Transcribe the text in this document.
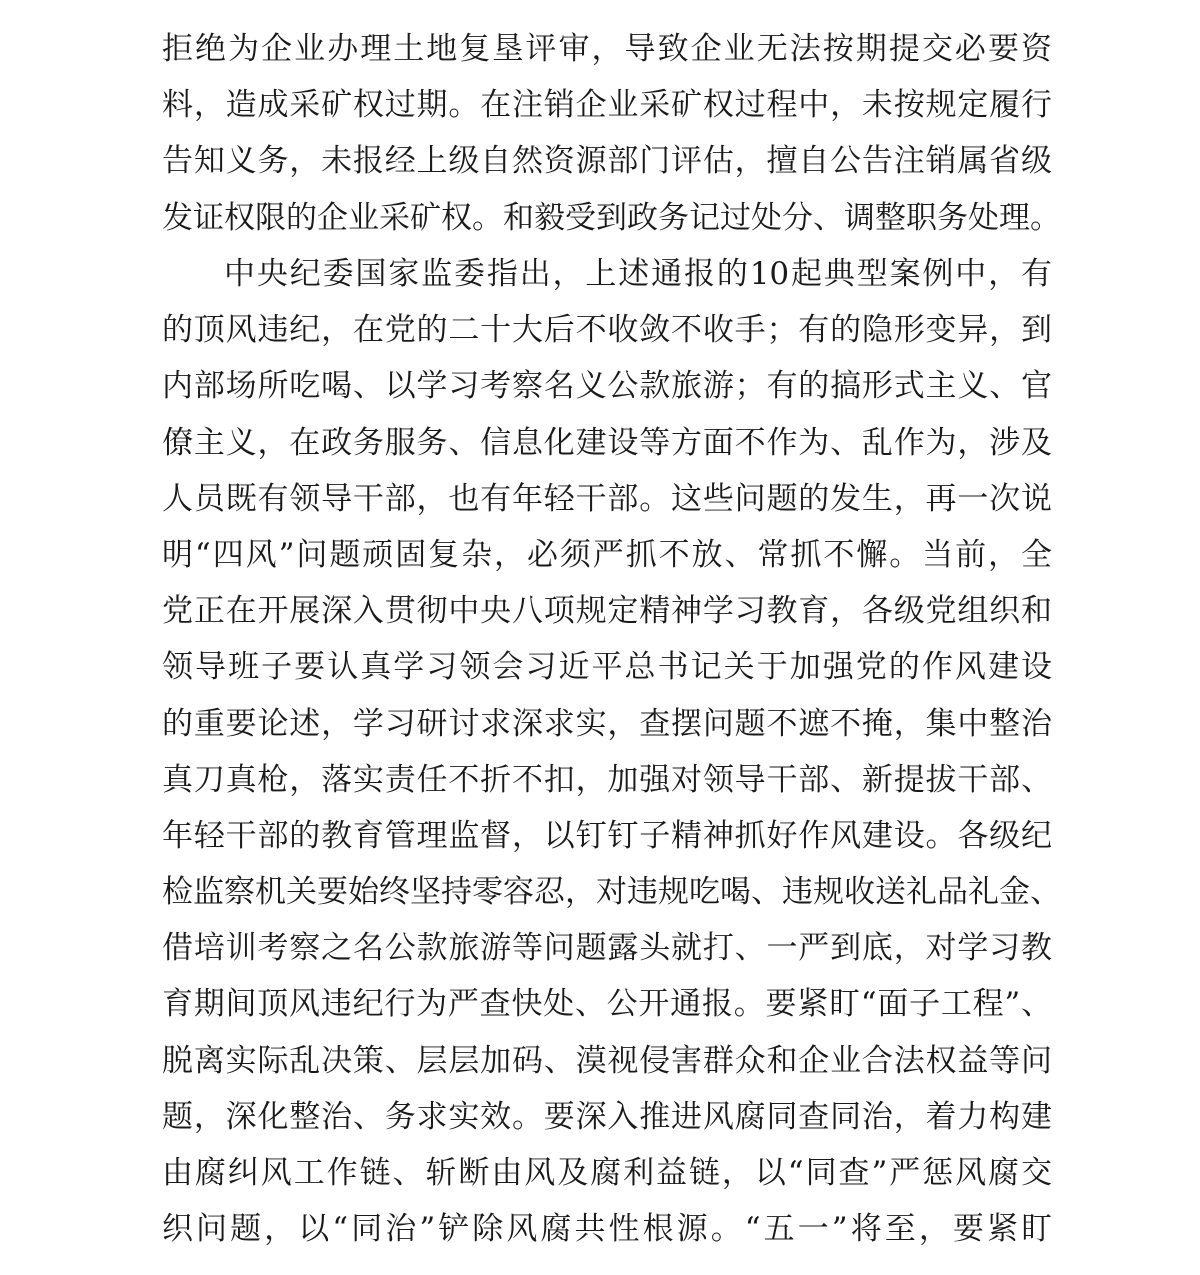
拒绝为企业办理土地复垦评审，导致企业无法按期提交必要资
料，造成采矿权过期。在注销企业采矿权过程中，未按规定履行
告知义务，未报经上级自然资源部门评估，擅自公告注销属省级
发证权限的企业采矿权。和毅受到政务记过处分、调整职务处理。
中央纪委国家监委指出，上述通报的10起典型案例中，有
的顶风违纪，在党的二十大后不收敛不收手；有的隐形变异，到
内部场所吃喝、以学习考察名义公款旅游；有的搞形式主义、官
僚主义，在政务服务、信息化建设等方面不作为、乱作为，涉及
人员既有领导干部，也有年轻干部。这些问题的发生，再一次说
明“四风”问题顽固复杂，必须严抓不放、常抓不懈。当前，全
党正在开展深入贯彻中央八项规定精神学习教育，各级党组织和
领导班子要认真学习领会习近平总书记关于加强党的作风建设
的重要论述，学习研讨求深求实，查摆问题不遮不掩，集中整治
真刀真枪，落实责任不折不扣，加强对领导干部、新提拔干部、
年轻干部的教育管理监督，以钉钉子精神抓好作风建设。各级纪
检监察机关要始终坚持零容忍，对违规吃喝、违规收送礼品礼金、
借培训考察之名公款旅游等问题露头就打、一严到底，对学习教
育期间顶风违纪行为严查快处、公开通报。要紧盯“面子工程”、
脱离实际乱决策、层层加码、漠视侵害群众和企业合法权益等问
题，深化整治、务求实效。要深入推进风腐同查同治，着力构建
由腐纠风工作链、斩断由风及腐利益链，以“同查”严惩风腐交
织问题，以“同治”铲除风腐共性根源。“五一”将至，要紧盯
